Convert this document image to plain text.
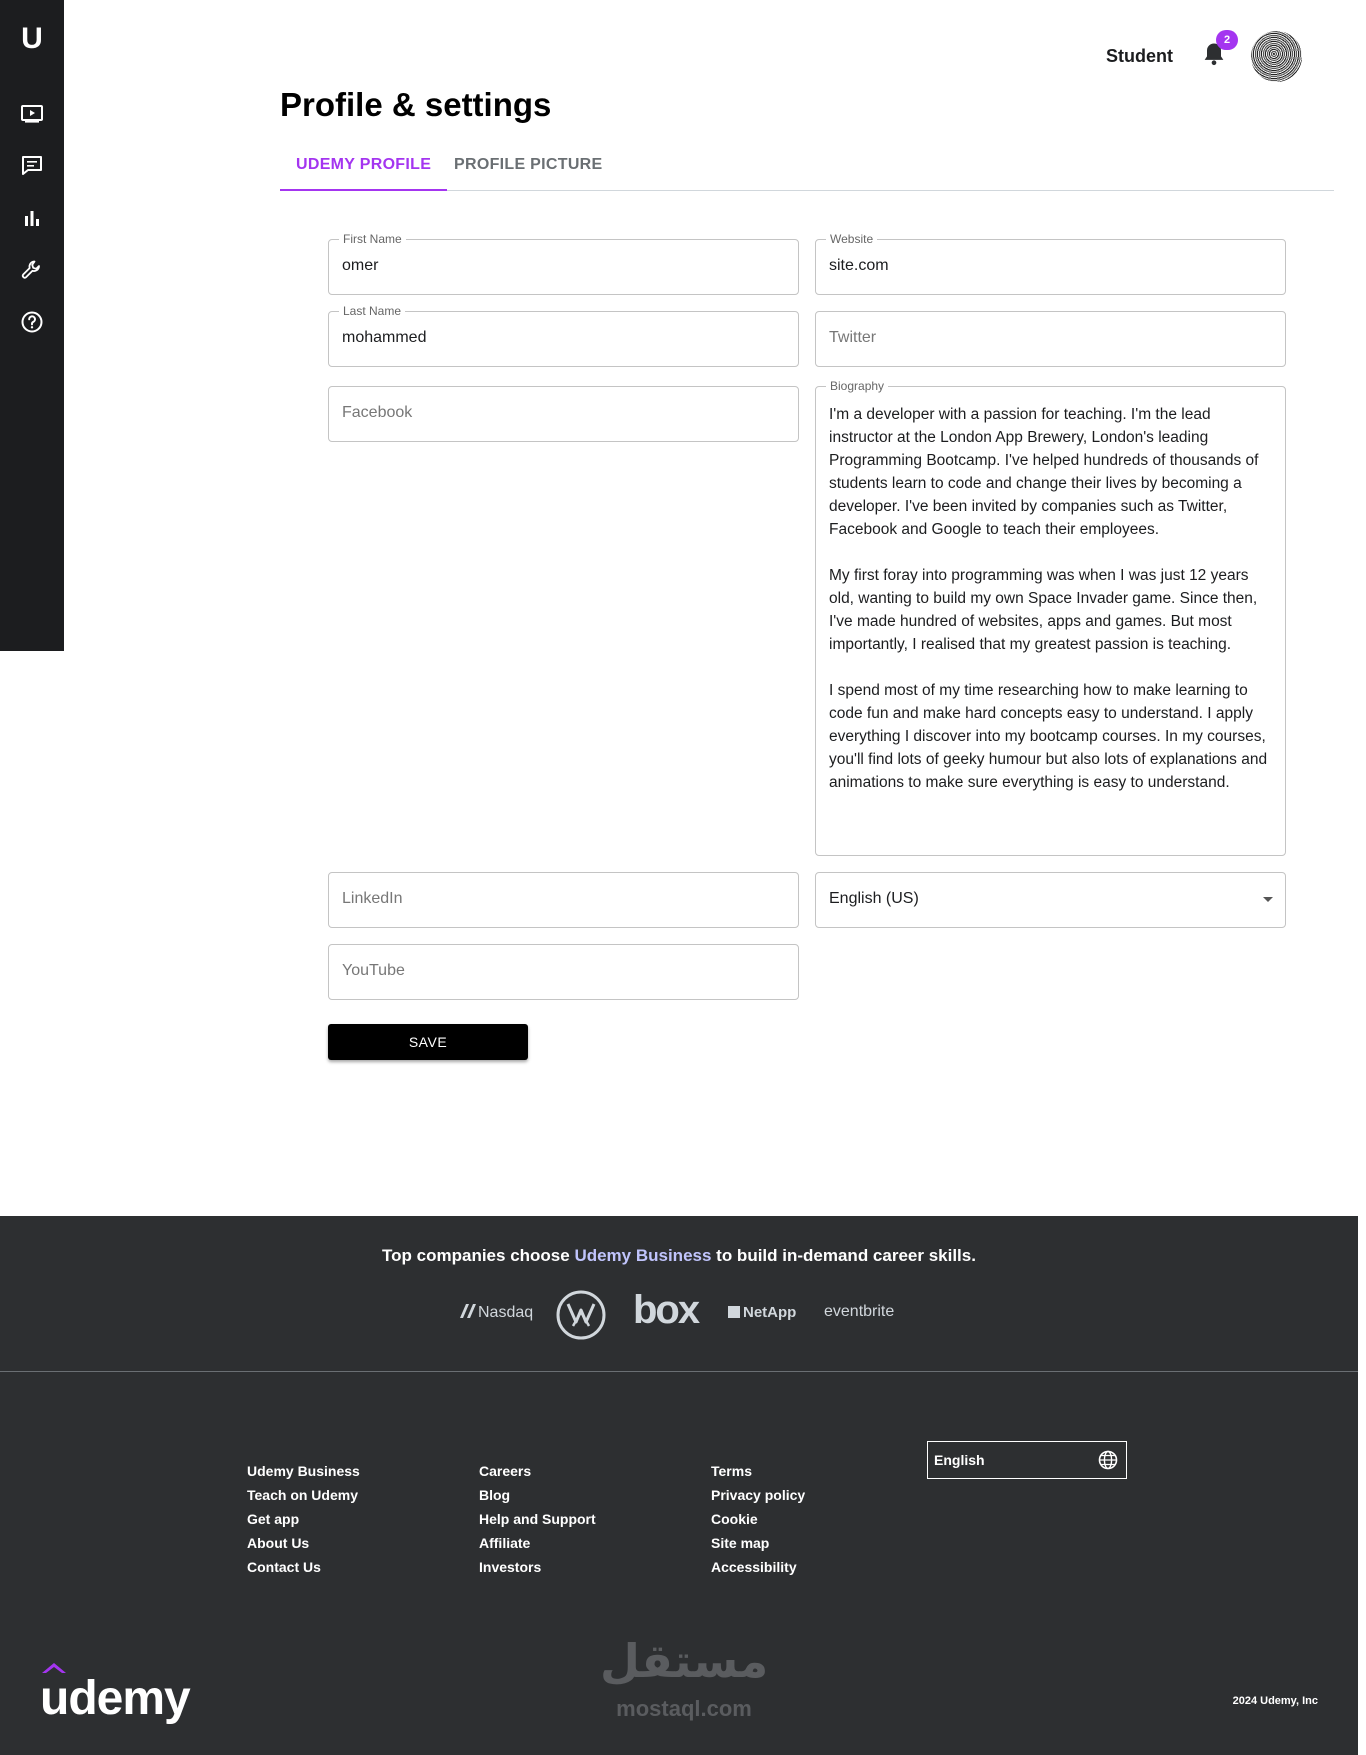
U
Student
2
Profile & settings
UDEMY PROFILE	PROFILE PICTURE
First Name
omer
Last Name
mohammed
Facebook
LinkedIn
YouTube
Website
site.com
Twitter
Biography
I'm a developer with a passion for teaching. I'm the lead instructor at the London App Brewery, London's leading Programming Bootcamp. I've helped hundreds of thousands of students learn to code and change their lives by becoming a developer. I've been invited by companies such as Twitter, Facebook and Google to teach their employees.

My first foray into programming was when I was just 12 years old, wanting to build my own Space Invader game. Since then, I've made hundred of websites, apps and games. But most importantly, I realised that my greatest passion is teaching.

I spend most of my time researching how to make learning to code fun and make hard concepts easy to understand. I apply everything I discover into my bootcamp courses. In my courses, you'll find lots of geeky humour but also lots of explanations and animations to make sure everything is easy to understand.
English (US)
SAVE
Top companies choose Udemy Business to build in-demand career skills.
Nasdaq box	NetApp eventbrite
Udemy Business
Teach on Udemy
Get app
About Us
Contact Us
Careers
Blog
Help and Support
Affiliate
Investors
Terms
Privacy policy
Cookie
Site map
Accessibility
English
udemy
مستقل
mostaql.com	2024 Udemy, Inc
